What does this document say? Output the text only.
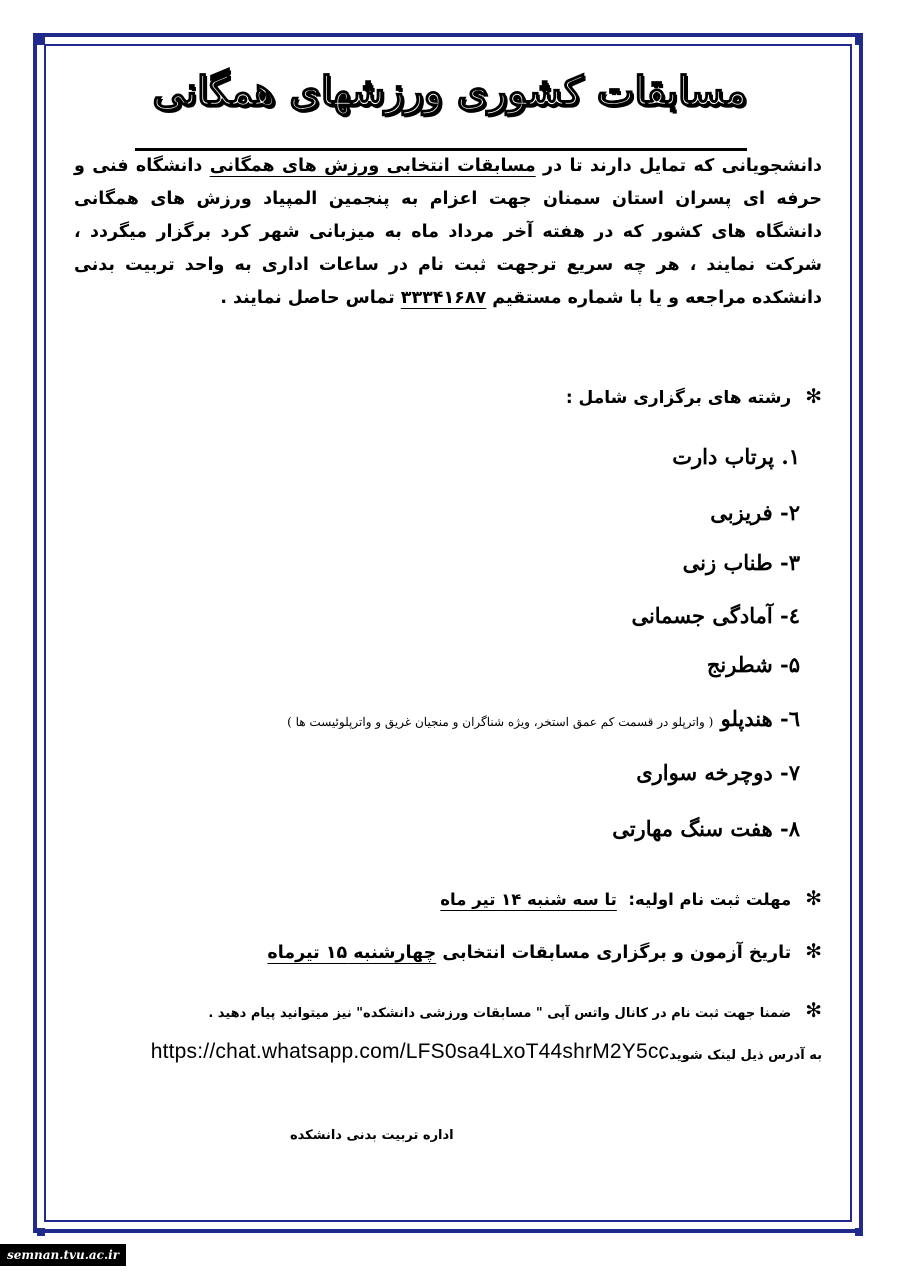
مسابقات کشوری ورزشهای همگانی
دانشجویانی که تمایل دارند تا در مسابقات انتخابی ورزش های همگانی دانشگاه فنی و حرفه ای پسران استان سمنان جهت اعزام به پنجمین المپیاد ورزش های همگانی دانشگاه های کشور که در هفته آخر مرداد ماه به میزبانی شهر کرد برگزار میگردد ، شرکت نمایند ، هر چه سریع ترجهت ثبت نام در ساعات اداری به واحد تربیت بدنی دانشکده مراجعه و یا با شماره مستقیم ۳۳۳۴۱۶۸۷ تماس حاصل نمایند .
✻رشته های برگزاری شامل :
۱. پرتاب دارت
۲- فریزبی
۳- طناب زنی
٤- آمادگی جسمانی
۵- شطرنج
٦- هندپلو ( واترپلو در قسمت کم عمق استخر، ویژه شناگران و منجیان غریق و واترپلوئیست ها )
۷- دوچرخه سواری
۸- هفت سنگ مهارتی
✻مهلت ثبت نام اولیه:  تا سه شنبه ۱۴ تیر ماه
✻تاریخ آزمون و برگزاری مسابقات انتخابی چهارشنبه ۱۵ تیرماه
✻ضمنا جهت ثبت نام در کانال واتس آپی " مسابقات ورزشی دانشکده" نیز میتوانید پیام دهید .
به آدرس ذیل لینک شوید .
https://chat.whatsapp.com/LFS0sa4LxoT44shrM2Y5cc
اداره تربیت بدنی دانشکده
semnan.tvu.ac.ir
